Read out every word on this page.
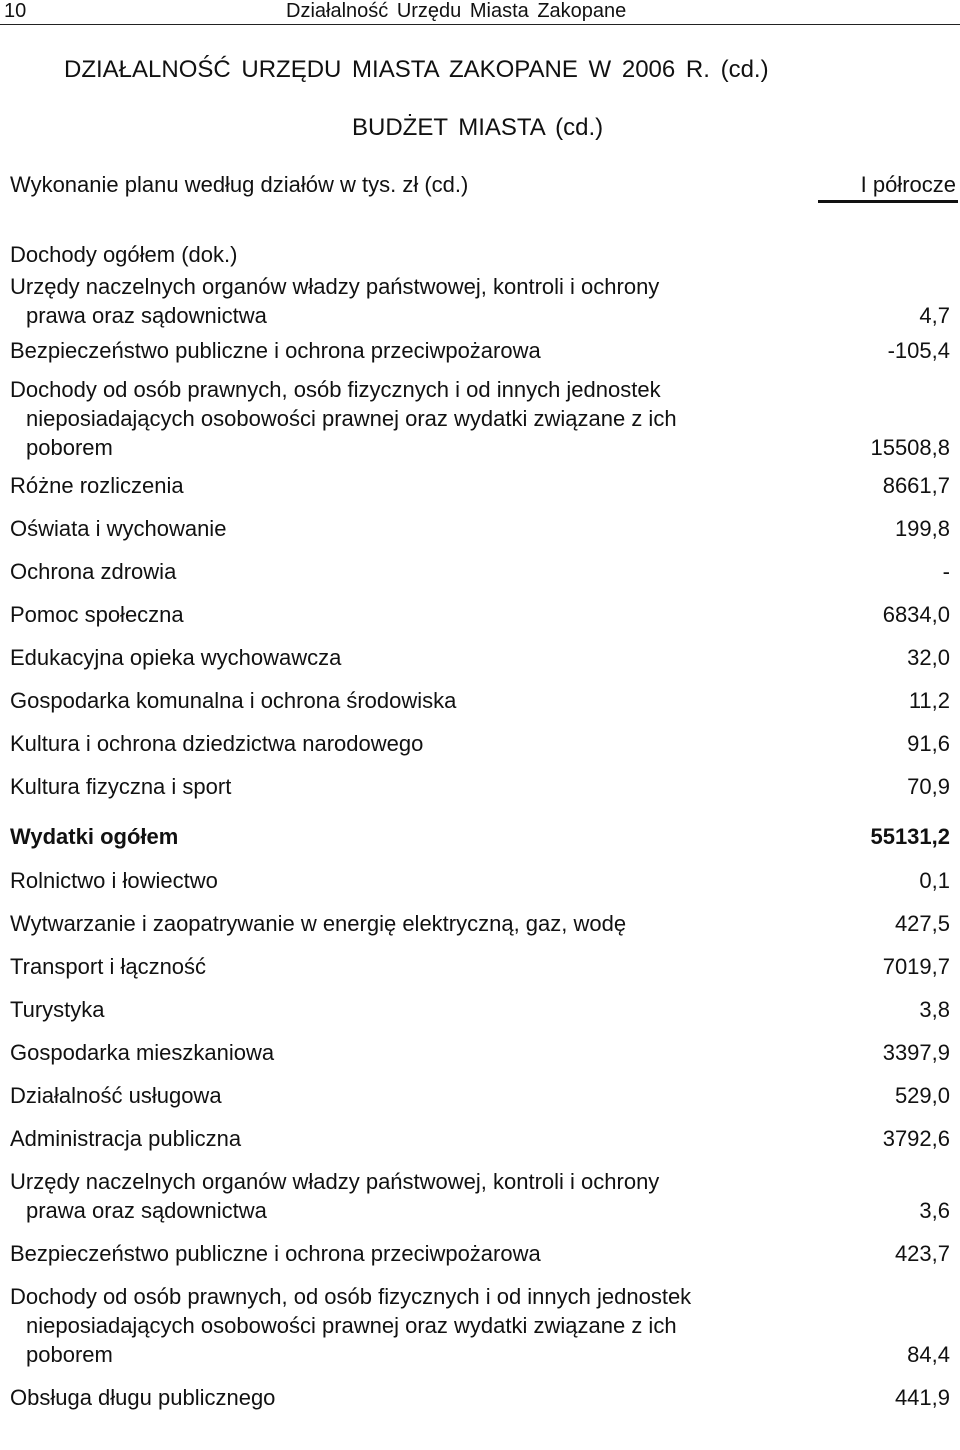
10	Działalność Urzędu Miasta Zakopane
DZIAŁALNOŚĆ URZĘDU MIASTA ZAKOPANE W 2006 R. (cd.)
BUDŻET MIASTA (cd.)
Wykonanie planu według działów w tys. zł (cd.)	I półrocze
Dochody ogółem (dok.)
Urzędy naczelnych organów władzy państwowej, kontroli i ochrony
prawa oraz sądownictwa	4,7
Bezpieczeństwo publiczne i ochrona przeciwpożarowa	-105,4
Dochody od osób prawnych, osób fizycznych i od innych jednostek
nieposiadających osobowości prawnej oraz wydatki związane z ich
poborem	15508,8
Różne rozliczenia	8661,7
Oświata i wychowanie	199,8
Ochrona zdrowia	-
Pomoc społeczna	6834,0
Edukacyjna opieka wychowawcza	32,0
Gospodarka komunalna i ochrona środowiska	11,2
Kultura i ochrona dziedzictwa narodowego	91,6
Kultura fizyczna i sport	70,9
Wydatki ogółem	55131,2
Rolnictwo i łowiectwo	0,1
Wytwarzanie i zaopatrywanie w energię elektryczną, gaz, wodę	427,5
Transport i łączność	7019,7
Turystyka	3,8
Gospodarka mieszkaniowa	3397,9
Działalność usługowa	529,0
Administracja publiczna	3792,6
Urzędy naczelnych organów władzy państwowej, kontroli i ochrony
prawa oraz sądownictwa	3,6
Bezpieczeństwo publiczne i ochrona przeciwpożarowa	423,7
Dochody od osób prawnych, od osób fizycznych i od innych jednostek
nieposiadających osobowości prawnej oraz wydatki związane z ich
poborem	84,4
Obsługa długu publicznego	441,9
